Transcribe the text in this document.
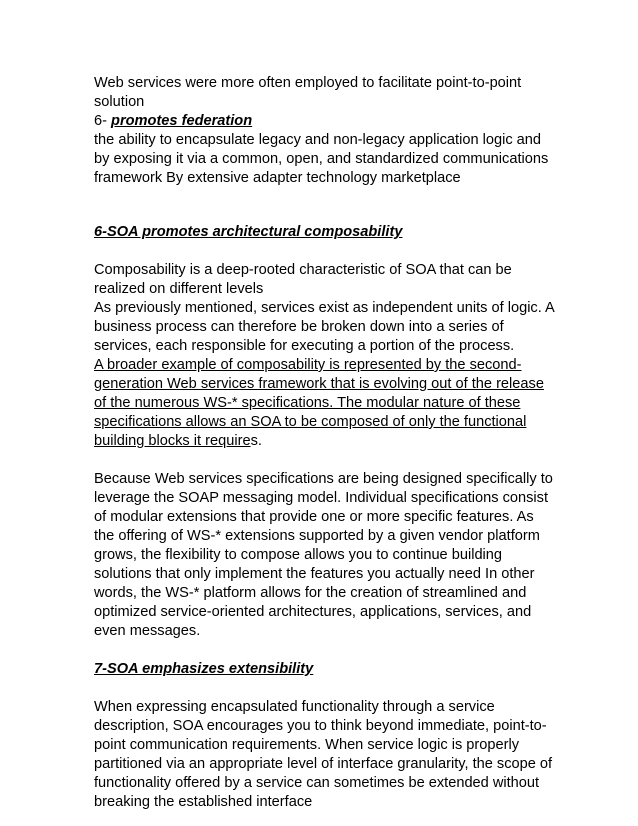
Web services were more often employed to facilitate point-to-point solution

6- promotes federation

the ability to encapsulate legacy and non-legacy application logic and by exposing it via a common, open, and standardized communications framework By extensive adapter technology marketplace

6-SOA promotes architectural composability

Composability is a deep-rooted characteristic of SOA that can be realized on different levels

As previously mentioned, services exist as independent units of logic. A business process can therefore be broken down into a series of services, each responsible for executing a portion of the process.

A broader example of composability is represented by the second-generation Web services framework that is evolving out of the release of the numerous WS-* specifications. The modular nature of these specifications allows an SOA to be composed of only the functional building blocks it requires.

Because Web services specifications are being designed specifically to leverage the SOAP messaging model. Individual specifications consist of modular extensions that provide one or more specific features. As the offering of WS-* extensions supported by a given vendor platform grows, the flexibility to compose allows you to continue building solutions that only implement the features you actually need In other words, the WS-* platform allows for the creation of streamlined and optimized service-oriented architectures, applications, services, and even messages.

7-SOA emphasizes extensibility

When expressing encapsulated functionality through a service description, SOA encourages you to think beyond immediate, point-to-point communication requirements. When service logic is properly partitioned via an appropriate level of interface granularity, the scope of functionality offered by a service can sometimes be extended without breaking the established interface
